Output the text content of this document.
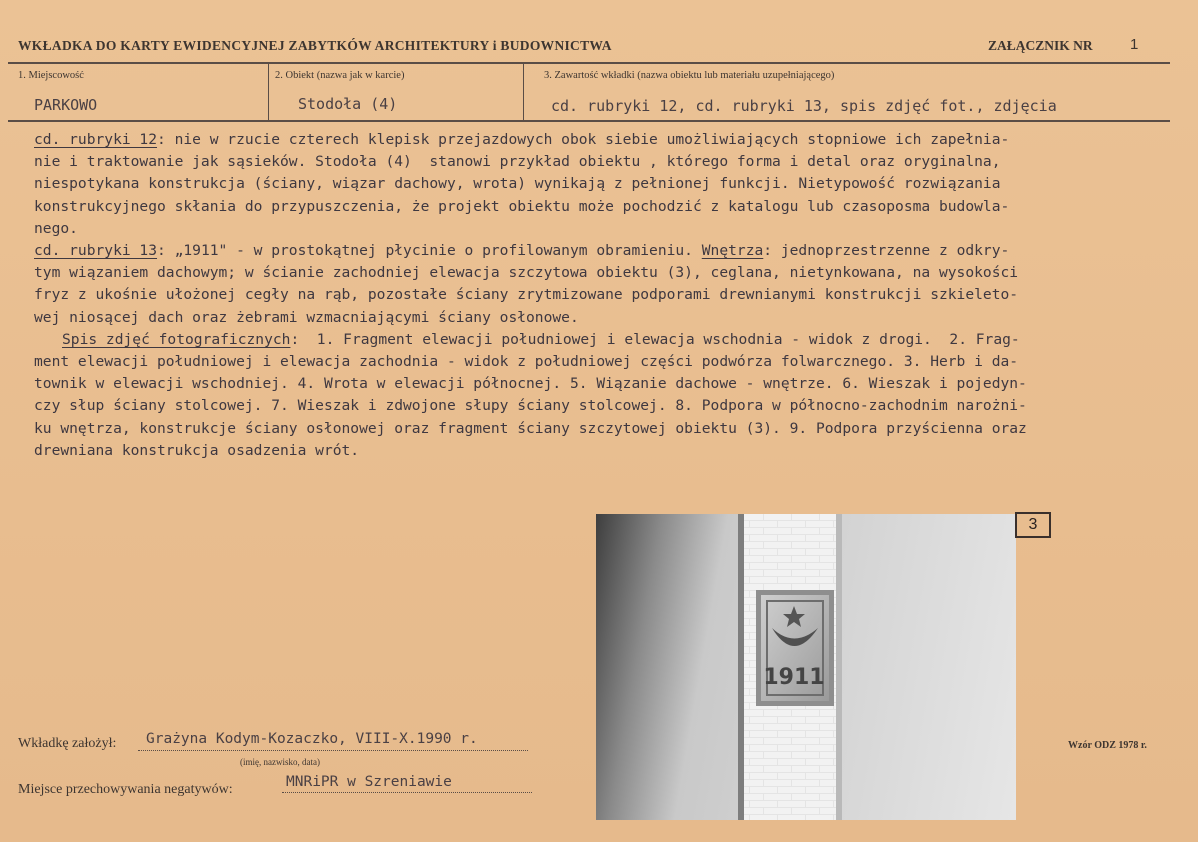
WKŁADKA DO KARTY EWIDENCYJNEJ ZABYTKÓW ARCHITEKTURY i BUDOWNICTWA	ZAŁĄCZNIK NR 1
1. Miejscowość
PARKOWO
2. Obiekt (nazwa jak w karcie)
Stodoła (4)
3. Zawartość wkładki (nazwa obiektu lub materiału uzupełniającego)
cd. rubryki 12, cd. rubryki 13, spis zdjęć fot., zdjęcia
cd. rubryki 12: nie w rzucie czterech klepisk przejazdowych obok siebie umożliwiających stopniowe ich zapełnia-
nie i traktowanie jak sąsieków. Stodoła (4)  stanowi przykład obiektu , którego forma i detal oraz oryginalna,
niespotykana konstrukcja (ściany, wiązar dachowy, wrota) wynikają z pełnionej funkcji. Nietypowość rozwiązania
konstrukcyjnego skłania do przypuszczenia, że projekt obiektu może pochodzić z katalogu lub czasoposma budowla-
nego.
cd. rubryki 13: „1911" - w prostokątnej płycinie o profilowanym obramieniu. Wnętrza: jednoprzestrzenne z odkry-
tym wiązaniem dachowym; w ścianie zachodniej elewacja szczytowa obiektu (3), ceglana, nietynkowana, na wysokości
fryz z ukośnie ułożonej cegły na rąb, pozostałe ściany zrytmizowane podporami drewnianymi konstrukcji szkieleto-
wej niosącej dach oraz żebrami wzmacniającymi ściany osłonowe.
Spis zdjęć fotograficznych:  1. Fragment elewacji południowej i elewacja wschodnia - widok z drogi.  2. Frag-
ment elewacji południowej i elewacja zachodnia - widok z południowej części podwórza folwarcznego. 3. Herb i da-
townik w elewacji wschodniej. 4. Wrota w elewacji północnej. 5. Wiązanie dachowe - wnętrze. 6. Wieszak i pojedyn-
czy słup ściany stolcowej. 7. Wieszak i zdwojone słupy ściany stolcowej. 8. Podpora w północno-zachodnim narożni-
ku wnętrza, konstrukcje ściany osłonowej oraz fragment ściany szczytowej obiektu (3). 9. Podpora przyścienna oraz
drewniana konstrukcja osadzenia wrót.
1911
3
Wkładkę założył: Grażyna Kodym-Kozaczko, VIII-X.1990 r.
(imię, nazwisko, data)
Miejsce przechowywania negatywów:	MNRiPR w Szreniawie
Wzór ODZ 1978 r.
